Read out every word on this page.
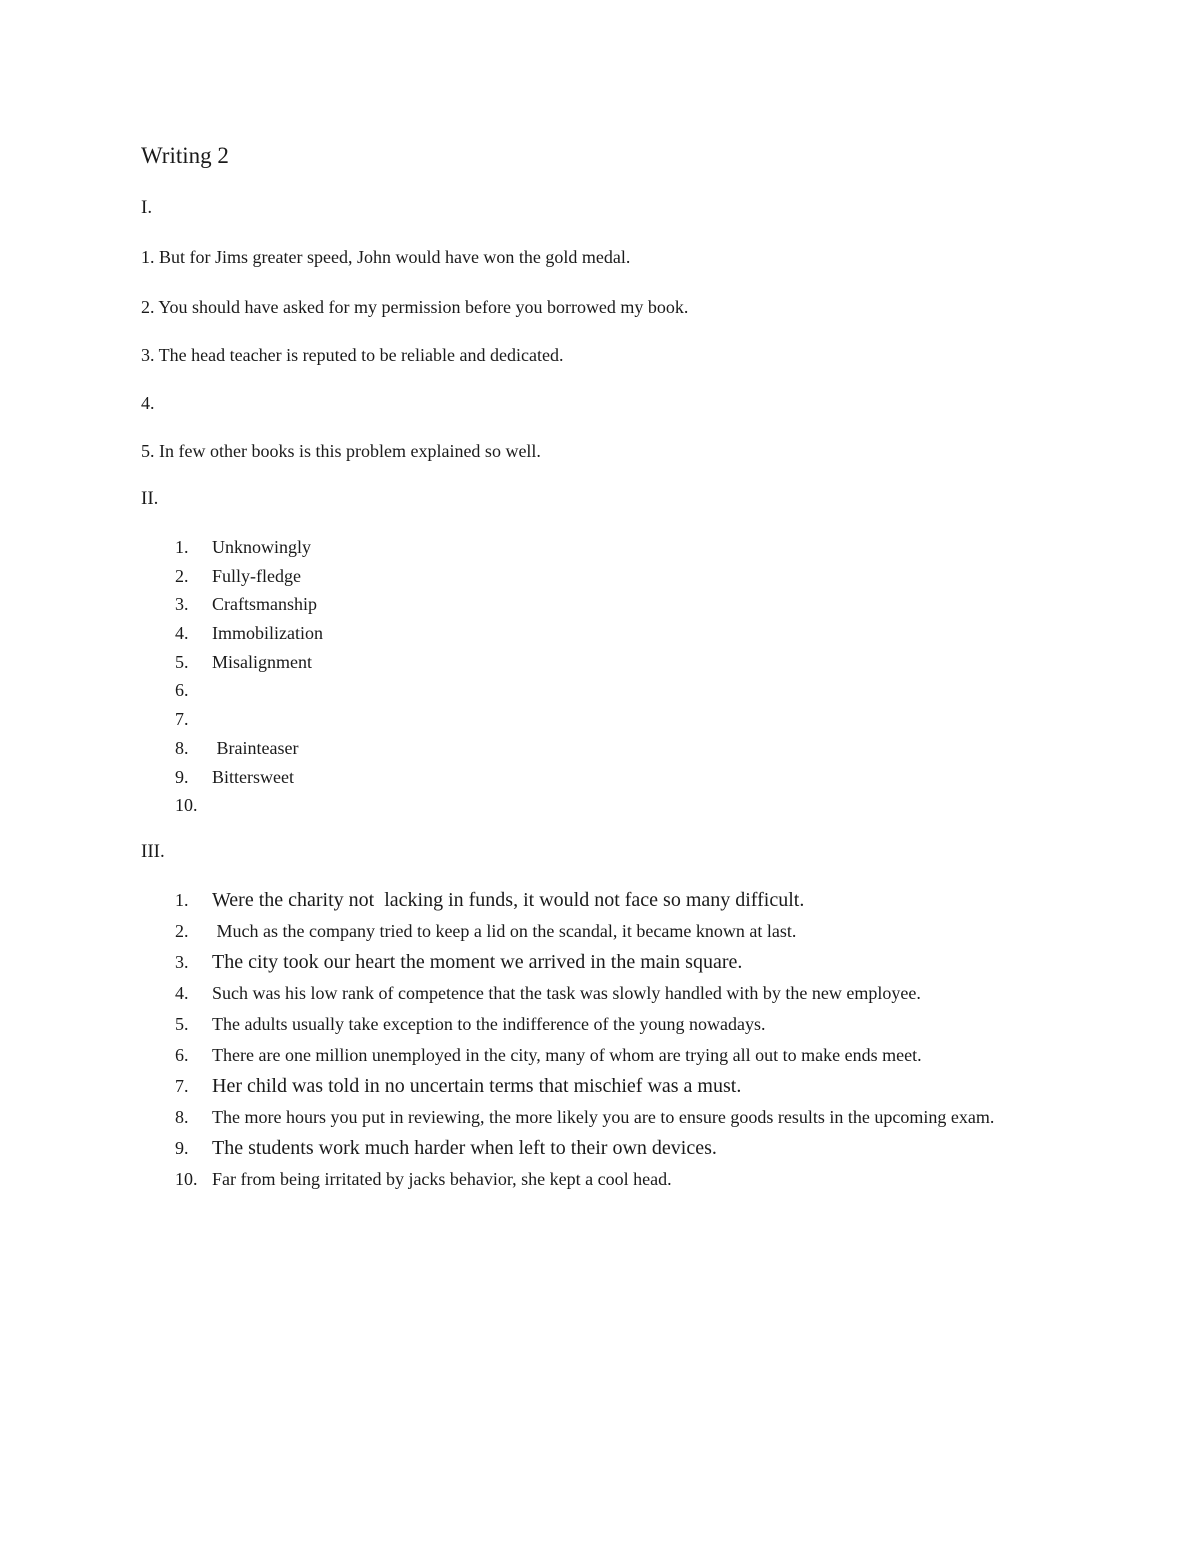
Writing 2
I.
1. But for Jims greater speed, John would have won the gold medal.
2. You should have asked for my permission before you borrowed my book.
3. The head teacher is reputed to be reliable and dedicated.
4.
5. In few other books is this problem explained so well.
II.
1.	Unknowingly
2.	Fully-fledge
3.	Craftsmanship
4.	Immobilization
5.	Misalignment
6.
7.
8.	Brainteaser
9.	Bittersweet
10.
III.
1.	Were the charity not  lacking in funds, it would not face so many difficult.
2.	Much as the company tried to keep a lid on the scandal, it became known at last.
3.	The city took our heart the moment we arrived in the main square.
4.	Such was his low rank of competence that the task was slowly handled with by the new employee.
5.	The adults usually take exception to the indifference of the young nowadays.
6.	There are one million unemployed in the city, many of whom are trying all out to make ends meet.
7.	Her child was told in no uncertain terms that mischief was a must.
8.	The more hours you put in reviewing, the more likely you are to ensure goods results in the upcoming exam.
9.	The students work much harder when left to their own devices.
10. Far from being irritated by jacks behavior, she kept a cool head.
